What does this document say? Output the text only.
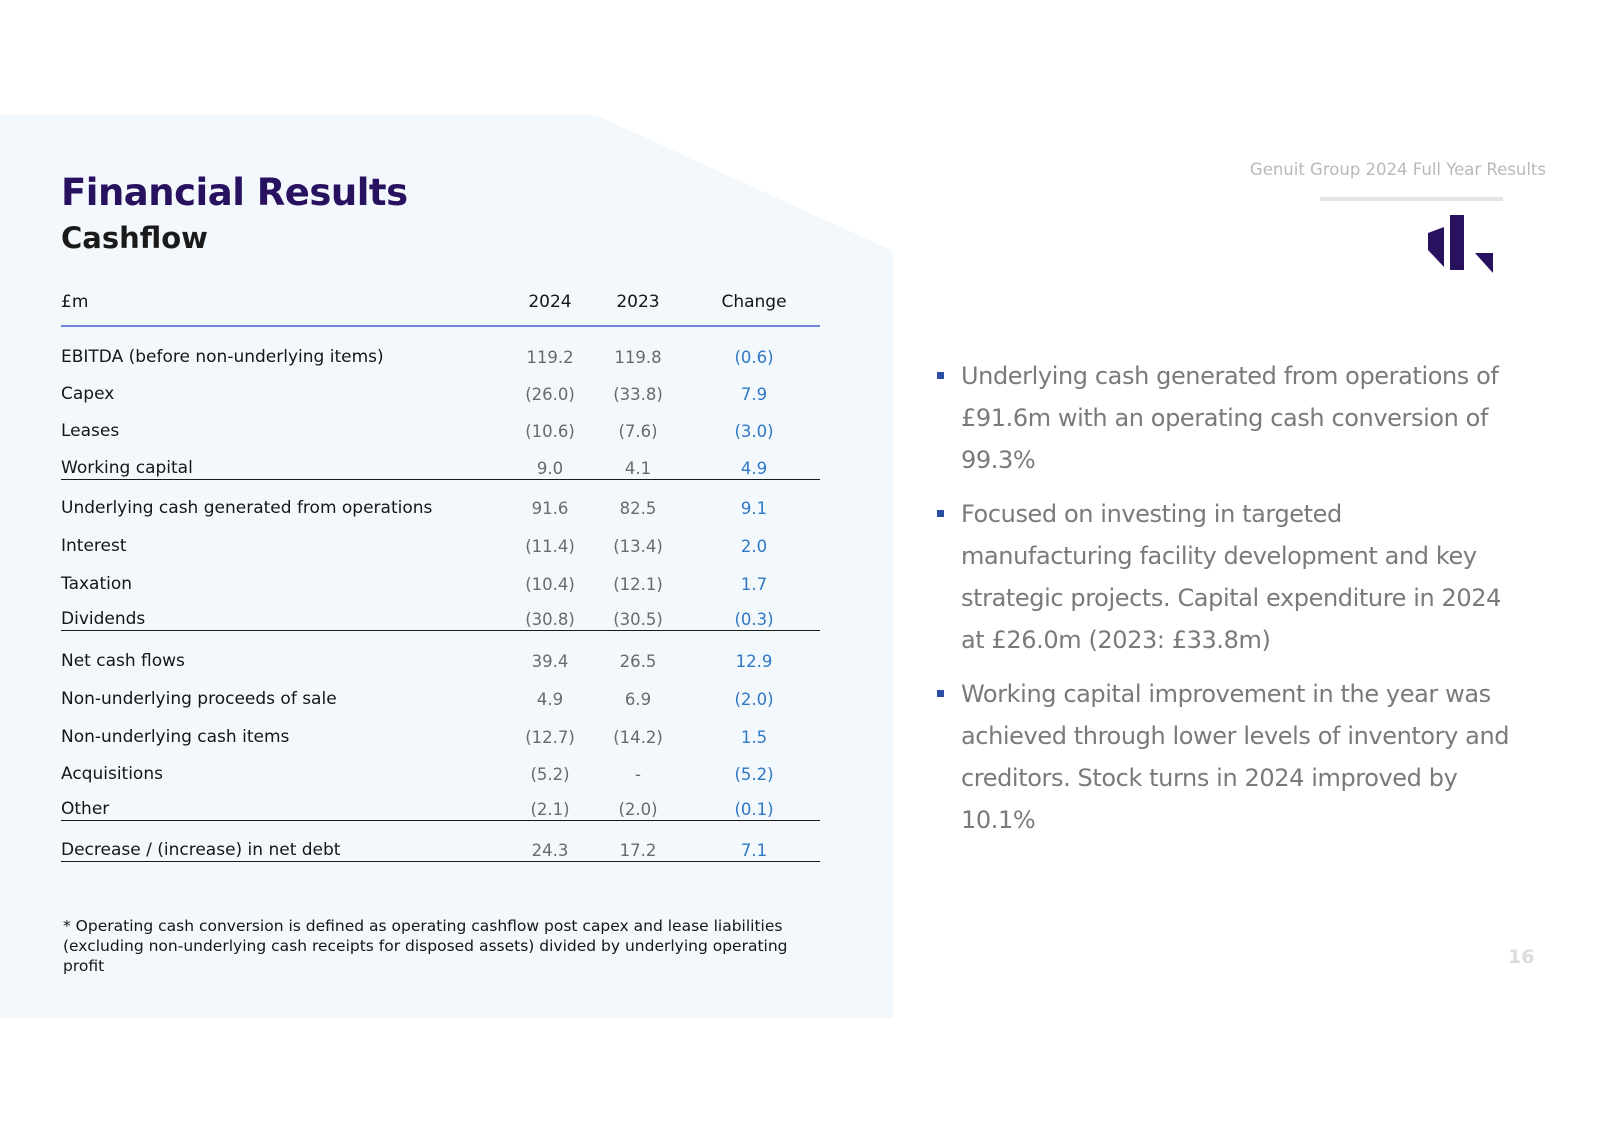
Financial Results
Cashflow
£m	2024	2023	Change
EBITDA (before non-underlying items)	119.2	119.8	(0.6)
Capex	(26.0)	(33.8)	7.9
Leases	(10.6)	(7.6)	(3.0)
Working capital	9.0	4.1	4.9
Underlying cash generated from operations	91.6	82.5	9.1
Interest	(11.4)	(13.4)	2.0
Taxation	(10.4)	(12.1)	1.7
Dividends	(30.8)	(30.5)	(0.3)
Net cash flows	39.4	26.5	12.9
Non-underlying proceeds of sale	4.9	6.9	(2.0)
Non-underlying cash items	(12.7)	(14.2)	1.5
Acquisitions	(5.2)	-	(5.2)
Other	(2.1)	(2.0)	(0.1)
Decrease / (increase) in net debt	24.3	17.2	7.1

* Operating cash conversion is defined as operating cashflow post capex and lease liabilities (excluding non-underlying cash receipts for disposed assets) divided by underlying operating profit

Genuit Group 2024 Full Year Results
Underlying cash generated from operations of £91.6m with an operating cash conversion of 99.3%
Focused on investing in targeted manufacturing facility development and key strategic projects. Capital expenditure in 2024 at £26.0m (2023: £33.8m)
Working capital improvement in the year was achieved through lower levels of inventory and creditors. Stock turns in 2024 improved by 10.1%
16
